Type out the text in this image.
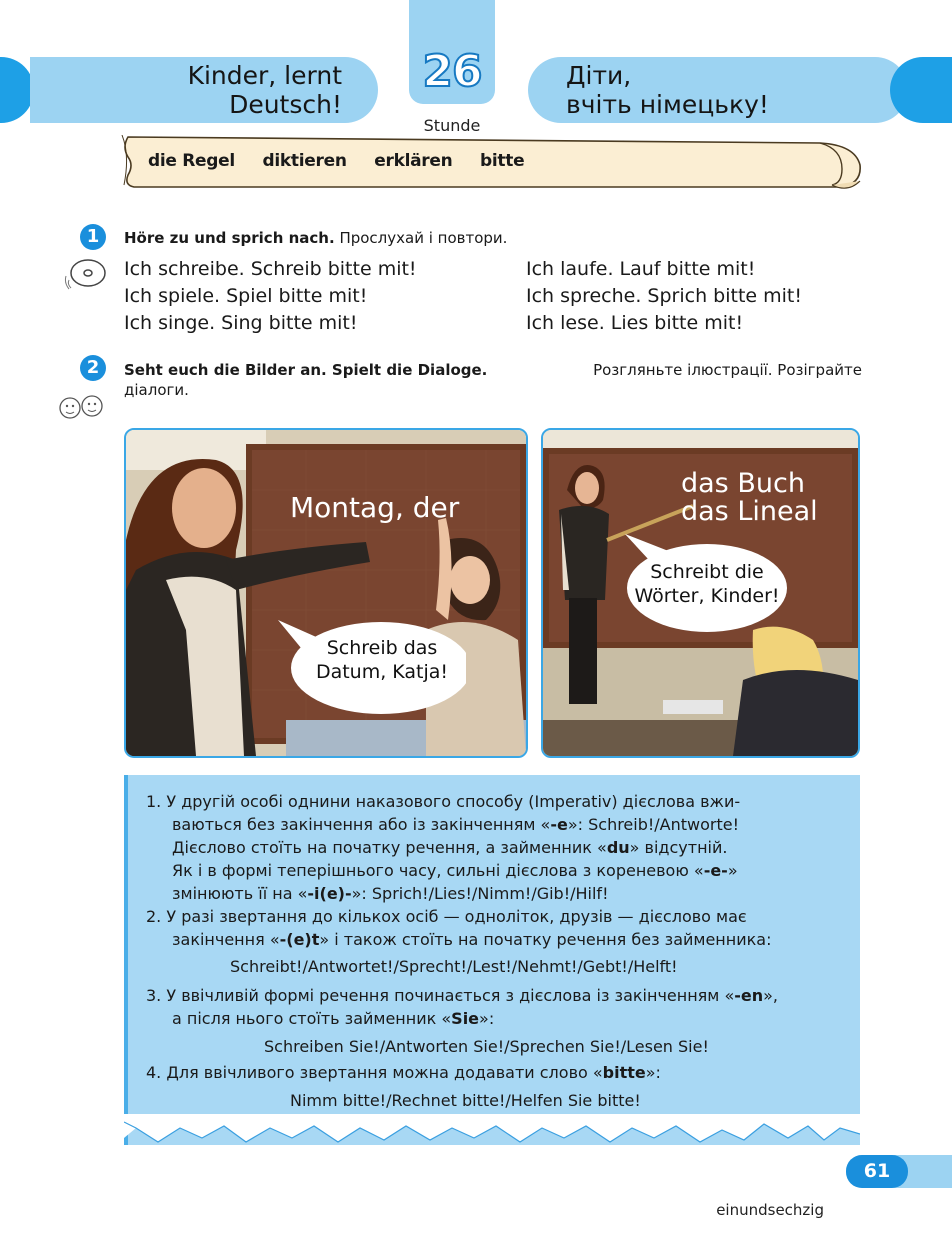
Kinder, lernt
Deutsch!
26
Stunde
Діти,
вчіть німецьку!
die Regel diktieren erklären bitte
1	Höre zu und sprich nach. Прослухай і повтори.
Ich schreibe. Schreib bitte mit!
Ich spiele. Spiel bitte mit!
Ich singe. Sing bitte mit!
Ich laufe. Lauf bitte mit!
Ich spreche. Sprich bitte mit!
Ich lese. Lies bitte mit!
2	Seht euch die Bilder an. Spielt die Dialoge.	Розгляньте ілюстрації. Розіграйте
діалоги.
Montag, der
Schreib das
Datum, Katja!
das Buch
das Lineal
Schreibt die
Wörter, Kinder!
1. У другій особі однини наказового способу (Imperativ) дієслова вжи-
ваються без закінчення або із закінченням «-e»: Schreib!/Antworte!
Дієслово стоїть на початку речення, а займенник «du» відсутній.
Як і в формі теперішнього часу, сильні дієслова з кореневою «-e-»
змінюють її на «-i(e)-»: Sprich!/Lies!/Nimm!/Gib!/Hilf!
2. У разі звертання до кількох осіб — одноліток, друзів — дієслово має
закінчення «-(e)t» і також стоїть на початку речення без займенника:
Schreibt!/Antwortet!/Sprecht!/Lest!/Nehmt!/Gebt!/Helft!
3. У ввічливій формі речення починається з дієслова із закінченням «-en»,
а після нього стоїть займенник «Sie»:
Schreiben Sie!/Antworten Sie!/Sprechen Sie!/Lesen Sie!
4. Для ввічливого звертання можна додавати слово «bitte»:
Nimm bitte!/Rechnet bitte!/Helfen Sie bitte!
einundsechzig
61
